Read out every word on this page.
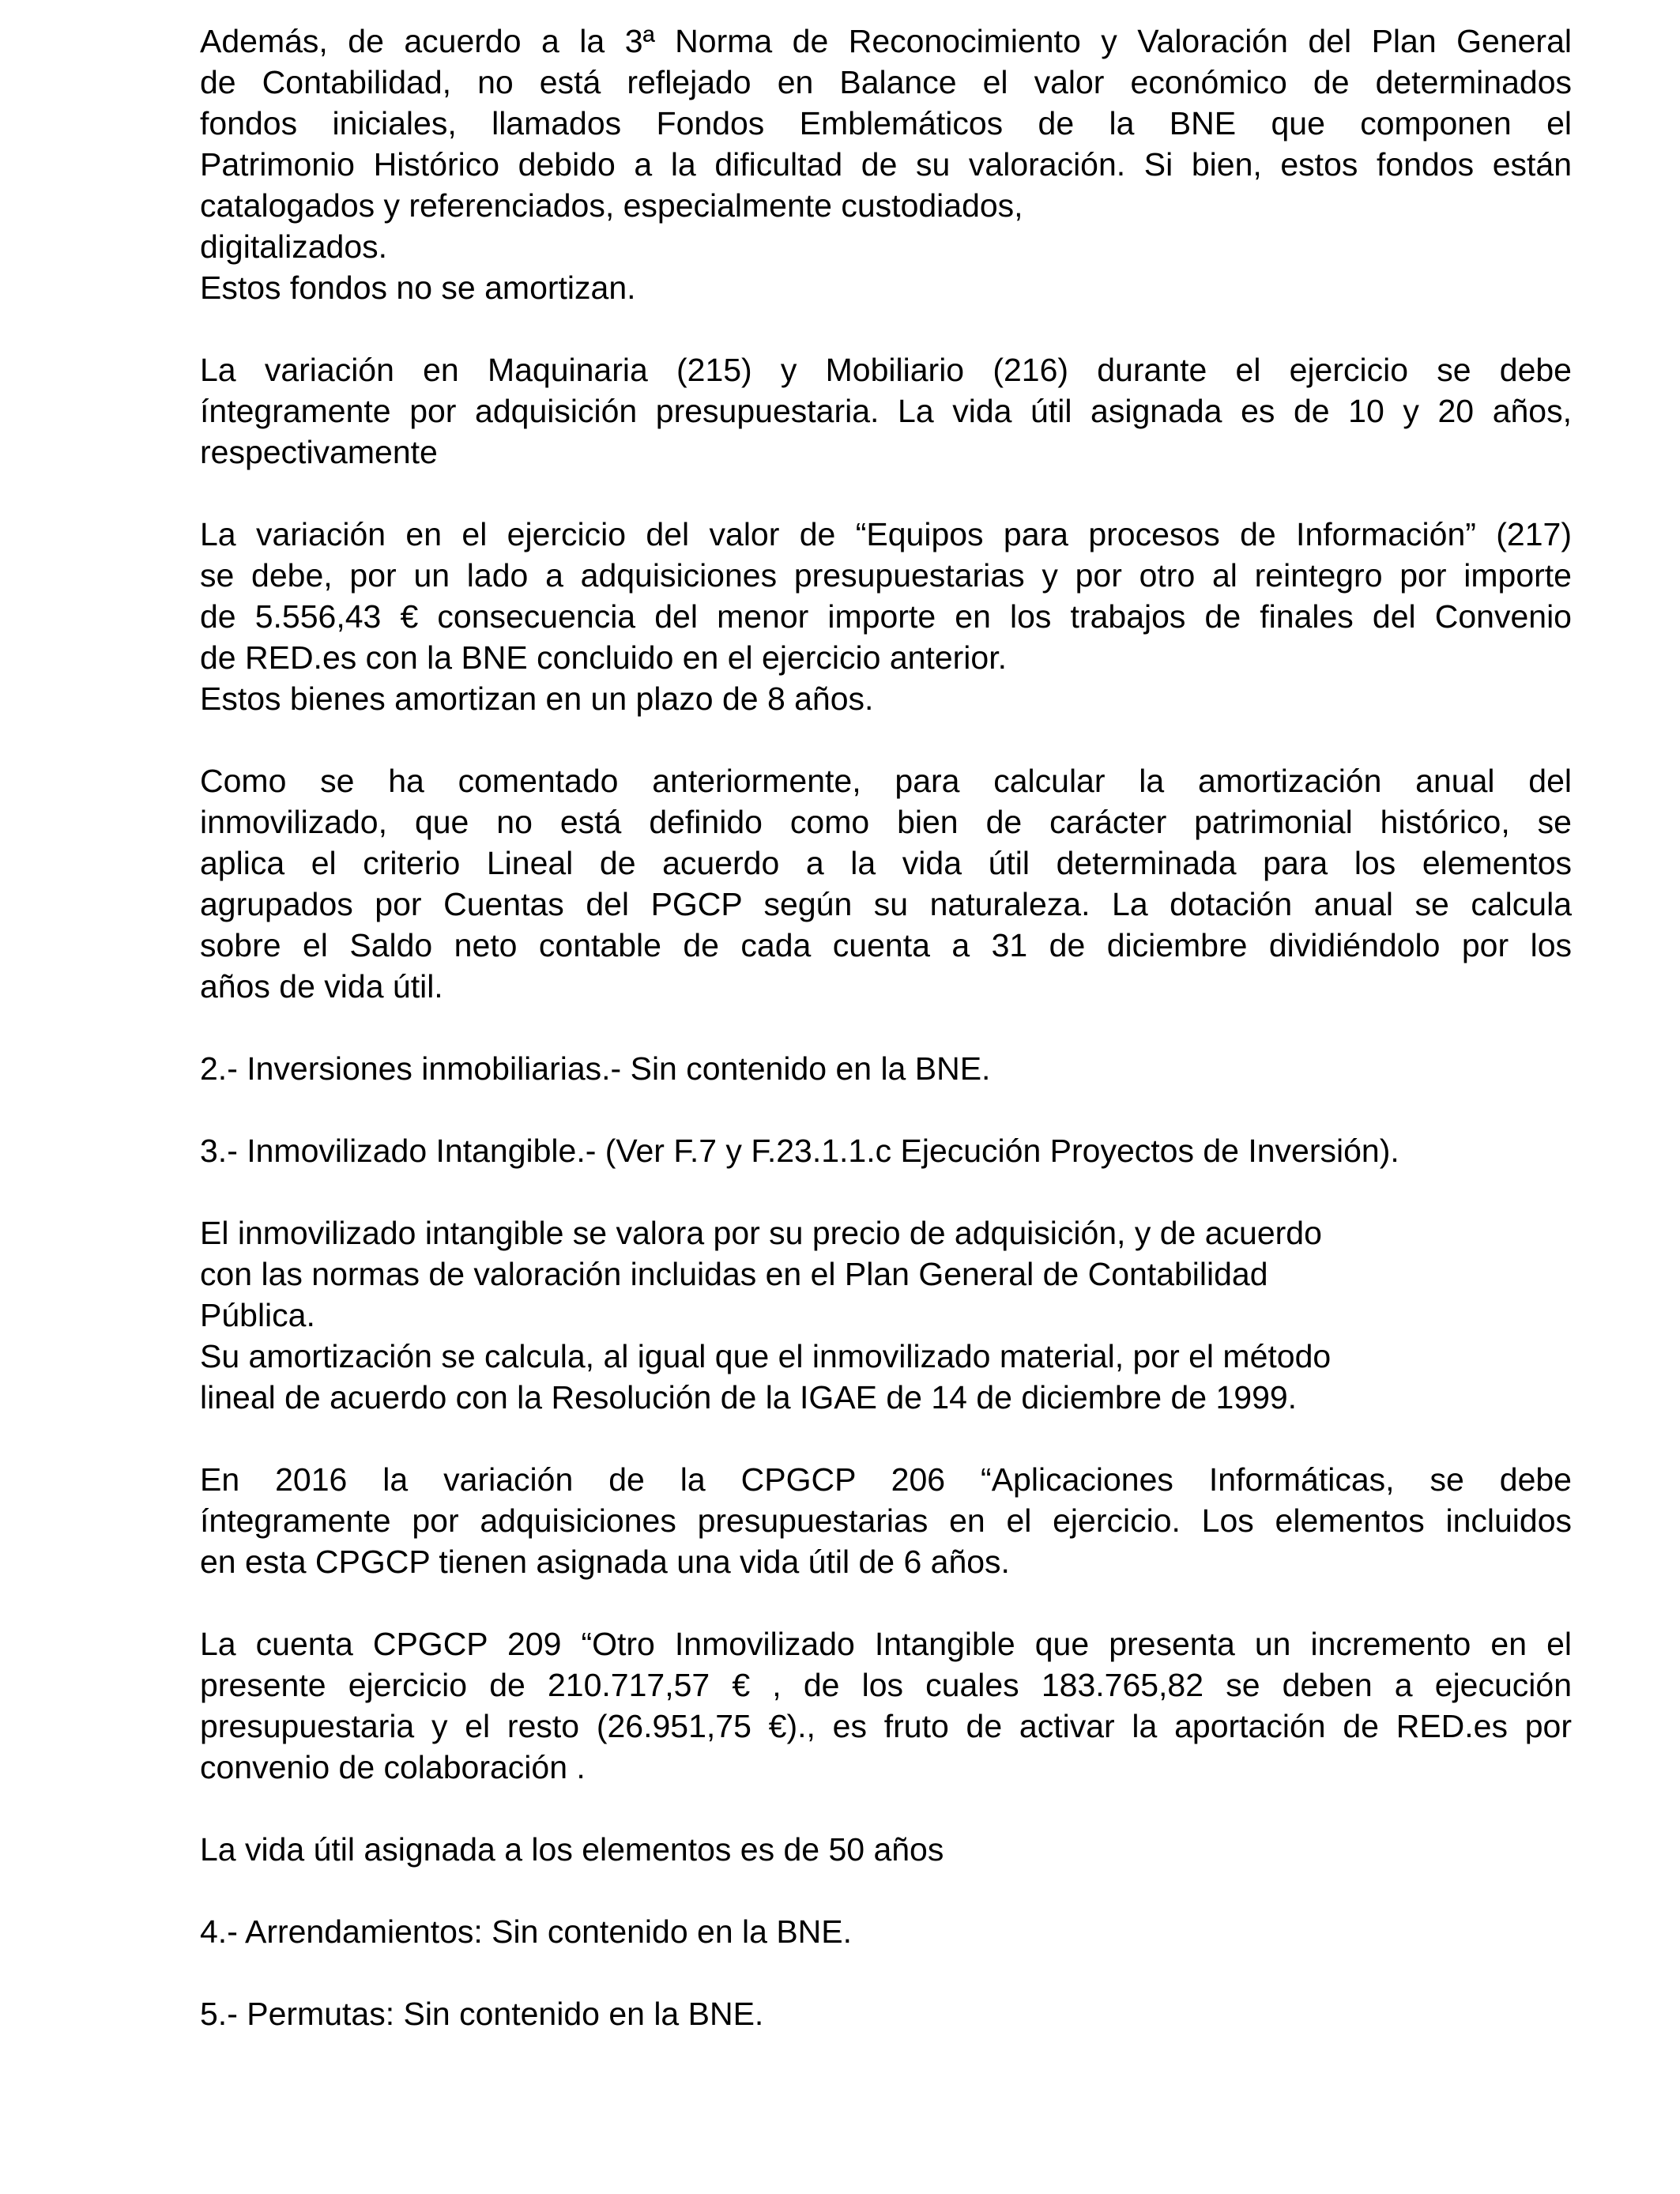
Además, de acuerdo a la 3ª Norma de Reconocimiento y Valoración del Plan General
de Contabilidad, no está reflejado en Balance el valor económico de determinados
fondos iniciales, llamados Fondos Emblemáticos de la BNE que componen el
Patrimonio Histórico debido a la dificultad de su valoración. Si bien, estos fondos están
catalogados y referenciados, especialmente custodiados,
digitalizados.
Estos fondos no se amortizan.
La variación en Maquinaria (215) y Mobiliario (216) durante el ejercicio se debe
íntegramente por adquisición presupuestaria. La vida útil asignada es de 10 y 20 años,
respectivamente
La variación en el ejercicio del valor de “Equipos para procesos de Información” (217)
se debe, por un lado a adquisiciones presupuestarias y por otro al reintegro por importe
de 5.556,43 € consecuencia del menor importe en los trabajos de finales del Convenio
de RED.es con la BNE concluido en el ejercicio anterior.
Estos bienes amortizan en un plazo de 8 años.
Como se ha comentado anteriormente, para calcular la amortización anual del
inmovilizado, que no está definido como bien de carácter patrimonial histórico, se
aplica el criterio Lineal de acuerdo a la vida útil determinada para los elementos
agrupados por Cuentas del PGCP según su naturaleza. La dotación anual se calcula
sobre el Saldo neto contable de cada cuenta a 31 de diciembre dividiéndolo por los
años de vida útil.
2.- Inversiones inmobiliarias.- Sin contenido en la BNE.
3.- Inmovilizado Intangible.- (Ver F.7 y F.23.1.1.c Ejecución Proyectos de Inversión).
El inmovilizado intangible se valora por su precio de adquisición, y de acuerdo
con las normas de valoración incluidas en el Plan General de Contabilidad
Pública.
Su amortización se calcula, al igual que el inmovilizado material, por el método
lineal de acuerdo con la Resolución de la IGAE de 14 de diciembre de 1999.
En 2016 la variación de la CPGCP 206 “Aplicaciones Informáticas, se debe
íntegramente por adquisiciones presupuestarias en el ejercicio. Los elementos incluidos
en esta CPGCP tienen asignada una vida útil de 6 años.
La cuenta CPGCP 209 “Otro Inmovilizado Intangible que presenta un incremento en el
presente ejercicio de 210.717,57 € , de los cuales 183.765,82 se deben a ejecución
presupuestaria y el resto (26.951,75 €)., es fruto de activar la aportación de RED.es por
convenio de colaboración .
La vida útil asignada a los elementos es de 50 años
4.- Arrendamientos: Sin contenido en la BNE.
5.- Permutas: Sin contenido en la BNE.
